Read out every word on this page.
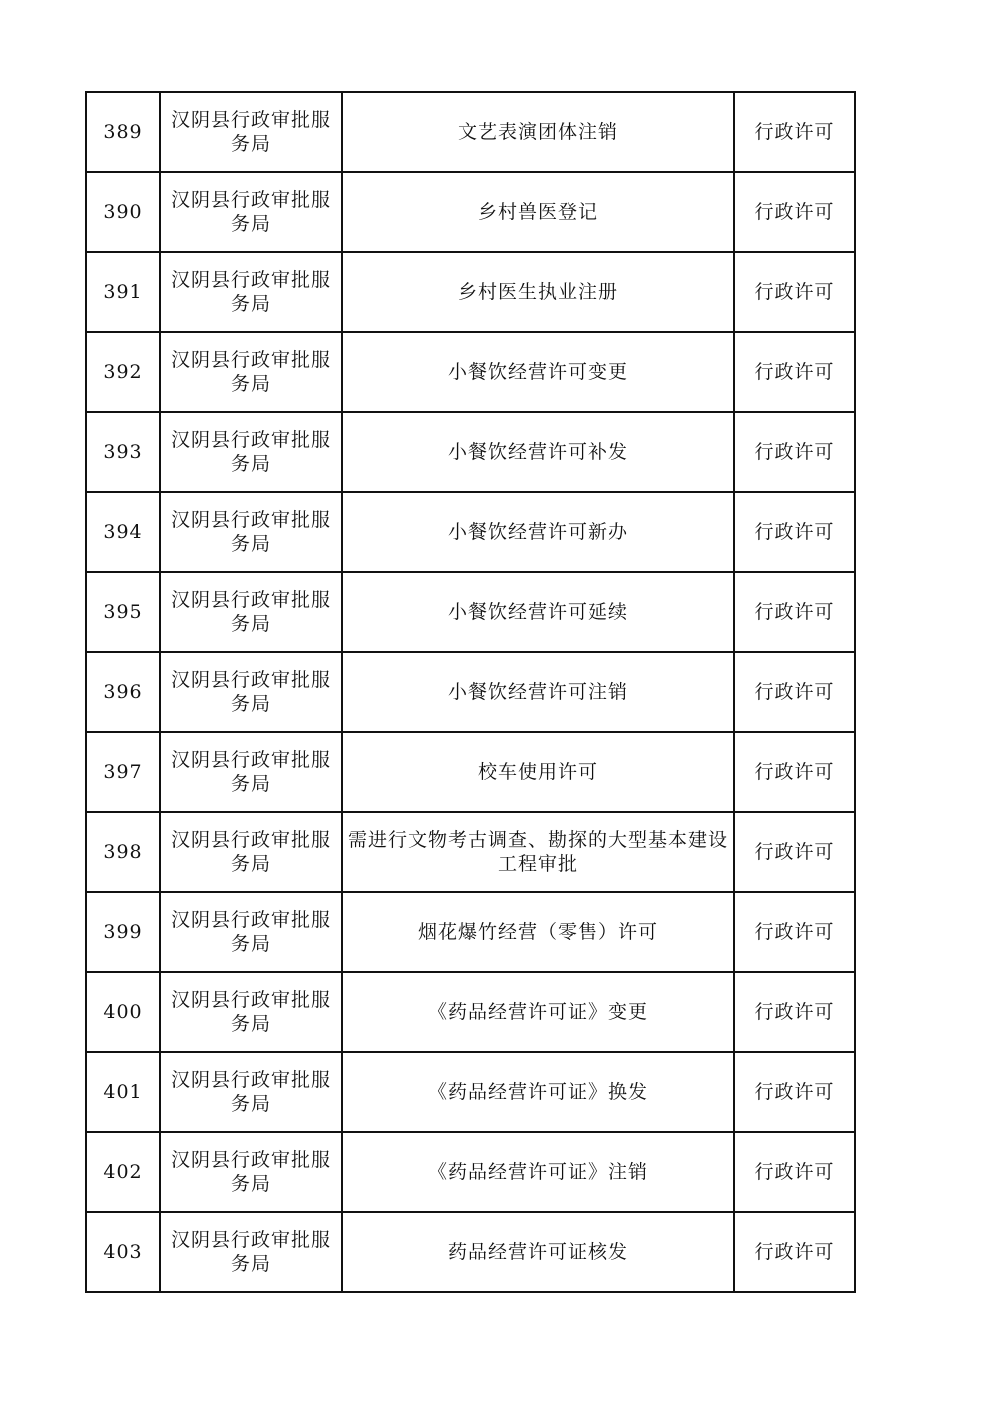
389	汉阴县行政审批服务局	文艺表演团体注销	行政许可
390	汉阴县行政审批服务局	乡村兽医登记	行政许可
391	汉阴县行政审批服务局	乡村医生执业注册	行政许可
392	汉阴县行政审批服务局	小餐饮经营许可变更	行政许可
393	汉阴县行政审批服务局	小餐饮经营许可补发	行政许可
394	汉阴县行政审批服务局	小餐饮经营许可新办	行政许可
395	汉阴县行政审批服务局	小餐饮经营许可延续	行政许可
396	汉阴县行政审批服务局	小餐饮经营许可注销	行政许可
397	汉阴县行政审批服务局	校车使用许可	行政许可
398	汉阴县行政审批服务局	需进行文物考古调查、勘探的大型基本建设工程审批	行政许可
399	汉阴县行政审批服务局	烟花爆竹经营（零售）许可	行政许可
400	汉阴县行政审批服务局	《药品经营许可证》变更	行政许可
401	汉阴县行政审批服务局	《药品经营许可证》换发	行政许可
402	汉阴县行政审批服务局	《药品经营许可证》注销	行政许可
403	汉阴县行政审批服务局	药品经营许可证核发	行政许可
